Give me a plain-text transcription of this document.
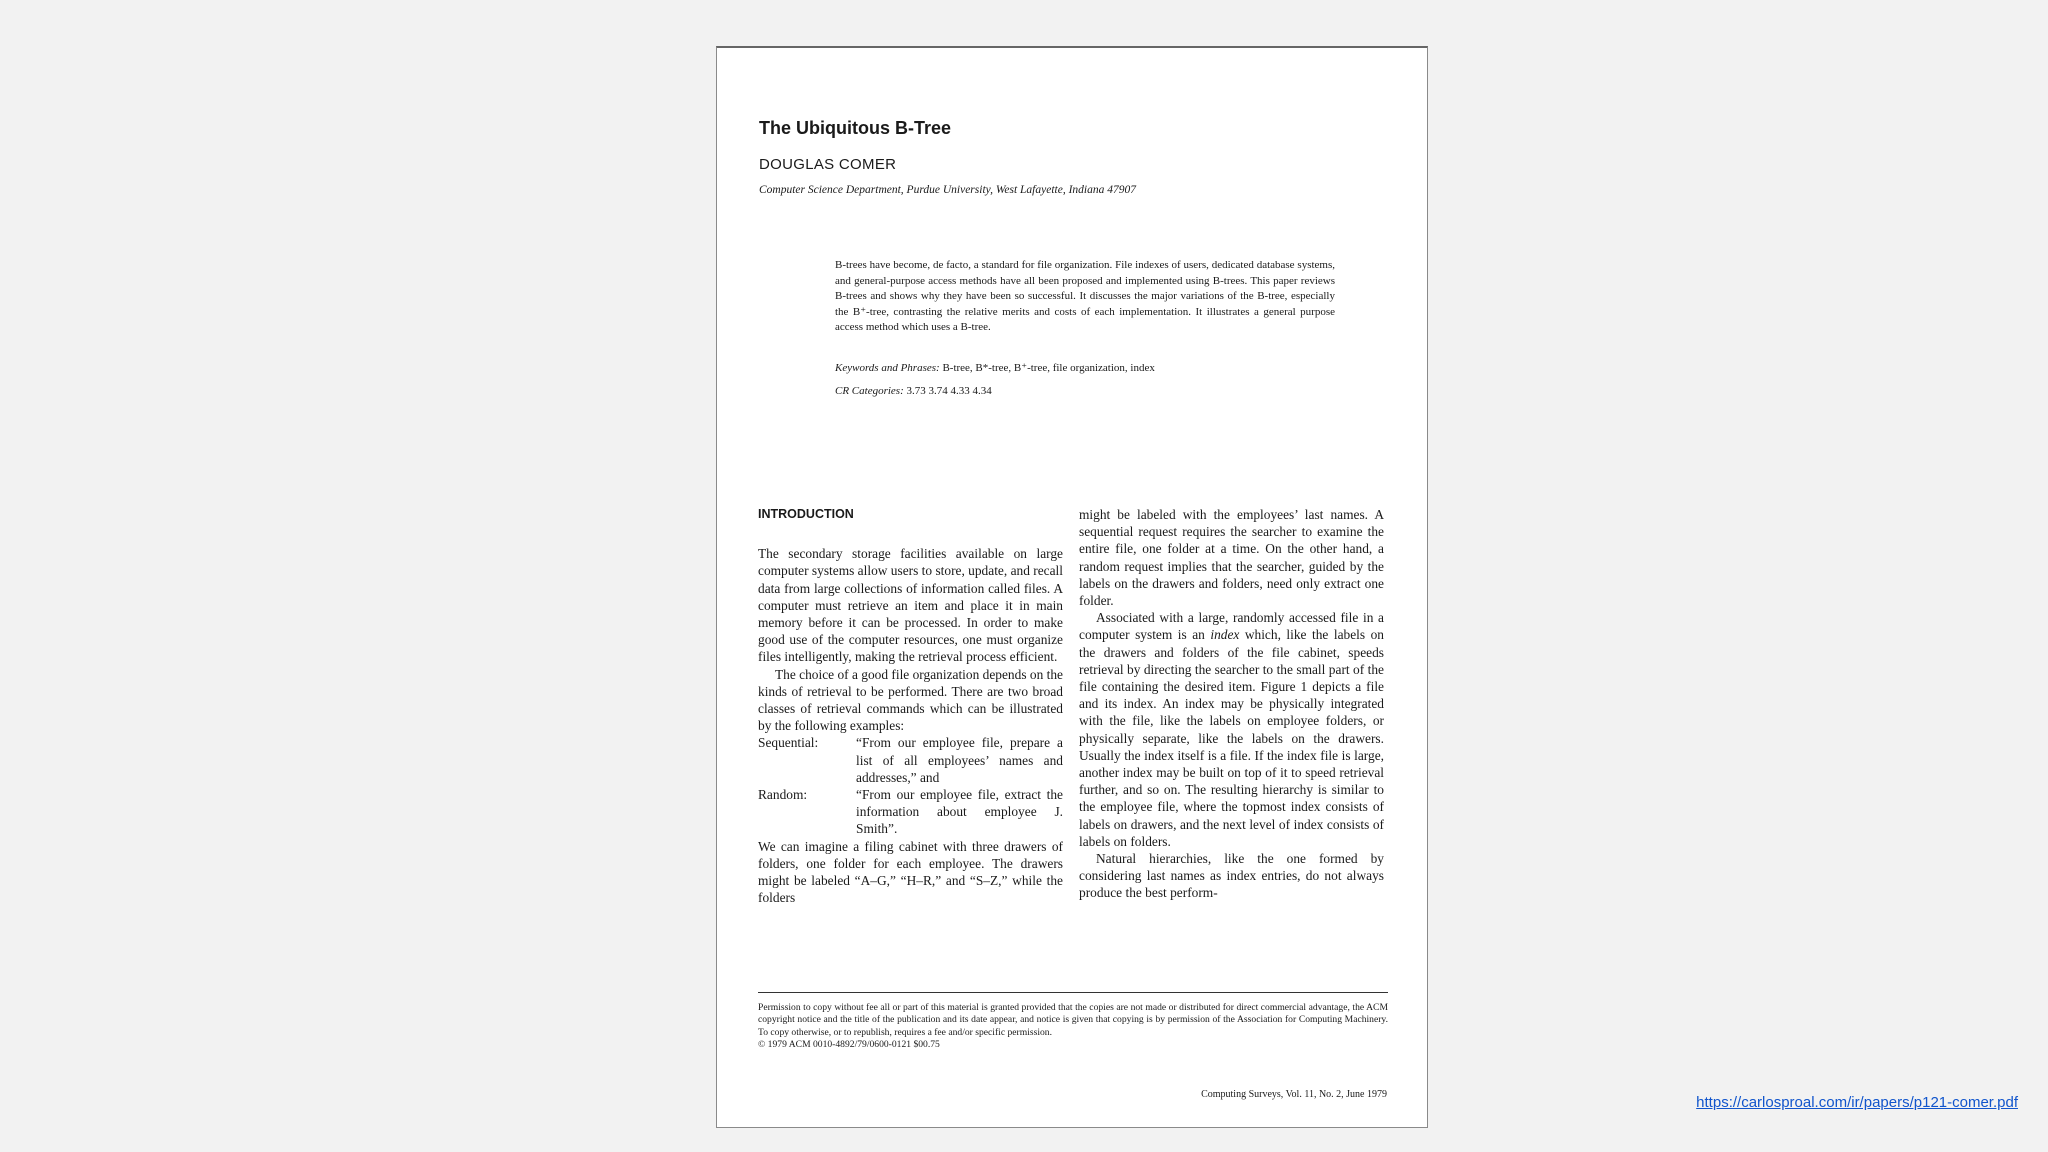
The Ubiquitous B-Tree
DOUGLAS COMER
Computer Science Department, Purdue University, West Lafayette, Indiana 47907

B-trees have become, de facto, a standard for file organization. File indexes of users, dedicated database systems, and general-purpose access methods have all been proposed and implemented using B-trees. This paper reviews B-trees and shows why they have been so successful. It discusses the major variations of the B-tree, especially the B⁺-tree, contrasting the relative merits and costs of each implementation. It illustrates a general purpose access method which uses a B-tree.

Keywords and Phrases: B-tree, B*-tree, B⁺-tree, file organization, index
CR Categories: 3.73 3.74 4.33 4.34
INTRODUCTION

The secondary storage facilities available on large computer systems allow users to store, update, and recall data from large collections of information called files. A computer must retrieve an item and place it in main memory before it can be processed. In order to make good use of the computer resources, one must organize files intelligently, making the retrieval process efficient.

The choice of a good file organization depends on the kinds of retrieval to be performed. There are two broad classes of retrieval commands which can be illustrated by the following examples:

Sequential:	“From our employee file, prepare a list of all employees’ names and addresses,” and
Random:	“From our employee file, extract the information about employee J. Smith”.

We can imagine a filing cabinet with three drawers of folders, one folder for each employee. The drawers might be labeled “A–G,” “H–R,” and “S–Z,” while the folders

might be labeled with the employees’ last names. A sequential request requires the searcher to examine the entire file, one folder at a time. On the other hand, a random request implies that the searcher, guided by the labels on the drawers and folders, need only extract one folder.

Associated with a large, randomly accessed file in a computer system is an index which, like the labels on the drawers and folders of the file cabinet, speeds retrieval by directing the searcher to the small part of the file containing the desired item. Figure 1 depicts a file and its index. An index may be physically integrated with the file, like the labels on employee folders, or physically separate, like the labels on the drawers. Usually the index itself is a file. If the index file is large, another index may be built on top of it to speed retrieval further, and so on. The resulting hierarchy is similar to the employee file, where the topmost index consists of labels on drawers, and the next level of index consists of labels on folders.

Natural hierarchies, like the one formed by considering last names as index entries, do not always produce the best perform-

Permission to copy without fee all or part of this material is granted provided that the copies are not made or distributed for direct commercial advantage, the ACM copyright notice and the title of the publication and its date appear, and notice is given that copying is by permission of the Association for Computing Machinery. To copy otherwise, or to republish, requires a fee and/or specific permission.
© 1979 ACM 0010-4892/79/0600-0121 $00.75

Computing Surveys, Vol. 11, No. 2, June 1979	https://carlosproal.com/ir/papers/p121-comer.pdf
